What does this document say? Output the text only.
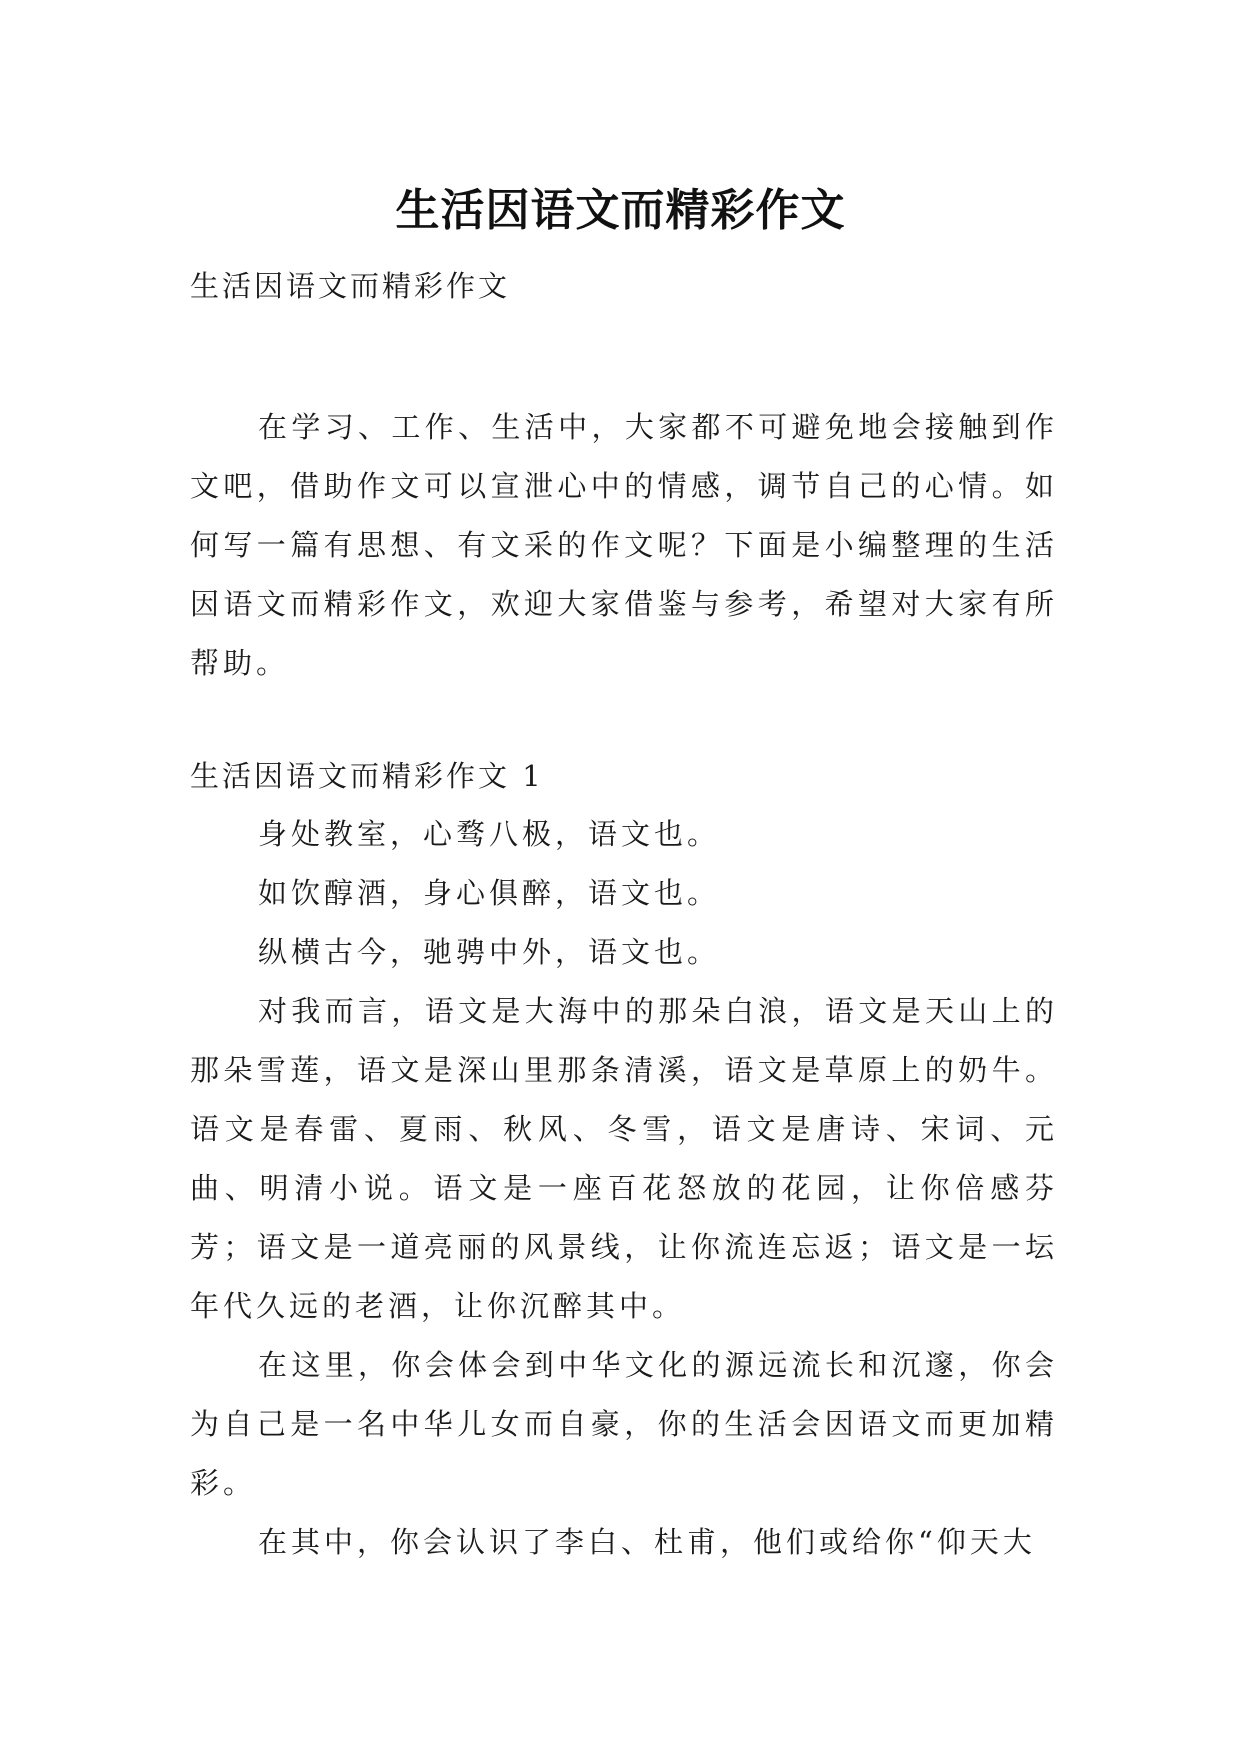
生活因语文而精彩作文
生活因语文而精彩作文
在学习、工作、生活中，大家都不可避免地会接触到作文吧，借助作文可以宣泄心中的情感，调节自己的心情。如何写一篇有思想、有文采的作文呢？下面是小编整理的生活因语文而精彩作文，欢迎大家借鉴与参考，希望对大家有所帮助。
生活因语文而精彩作文 1
身处教室，心骛八极，语文也。
如饮醇酒，身心俱醉，语文也。
纵横古今，驰骋中外，语文也。
对我而言，语文是大海中的那朵白浪，语文是天山上的那朵雪莲，语文是深山里那条清溪，语文是草原上的奶牛。语文是春雷、夏雨、秋风、冬雪，语文是唐诗、宋词、元曲、明清小说。语文是一座百花怒放的花园，让你倍感芬芳；语文是一道亮丽的风景线，让你流连忘返；语文是一坛年代久远的老酒，让你沉醉其中。
在这里，你会体会到中华文化的源远流长和沉邃，你会为自己是一名中华儿女而自豪，你的生活会因语文而更加精彩。
在其中，你会认识了李白、杜甫，他们或给你“仰天大
